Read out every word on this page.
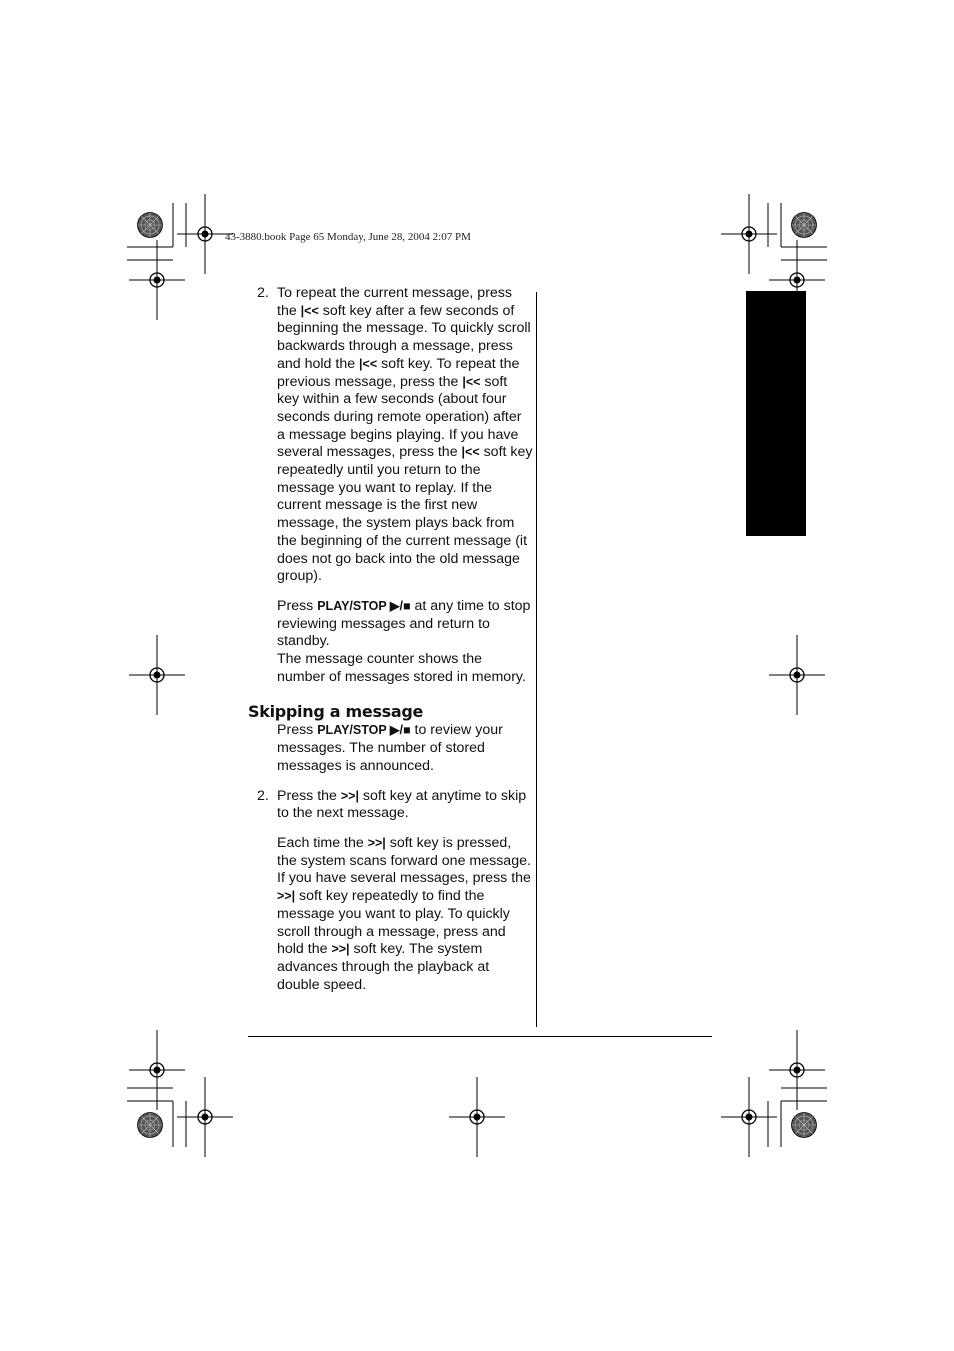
43-3880.book Page 65 Monday, June 28, 2004 2:07 PM
2. To repeat the current message, press the |<< soft key after a few seconds of beginning the message. To quickly scroll backwards through a message, press and hold the |<< soft key. To repeat the previous message, press the |<< soft key within a few seconds (about four seconds during remote operation) after a message begins playing. If you have several messages, press the |<< soft key repeatedly until you return to the message you want to replay. If the current message is the first new message, the system plays back from the beginning of the current message (it does not go back into the old message group).
Press PLAY/STOP ▶/■ at any time to stop reviewing messages and return to standby.
The message counter shows the number of messages stored in memory.
Skipping a message
Press PLAY/STOP ▶/■ to review your messages. The number of stored messages is announced.
2. Press the >>| soft key at anytime to skip to the next message.
Each time the >>| soft key is pressed, the system scans forward one message. If you have several messages, press the >>| soft key repeatedly to find the message you want to play. To quickly scroll through a message, press and hold the >>| soft key. The system advances through the playback at double speed.
